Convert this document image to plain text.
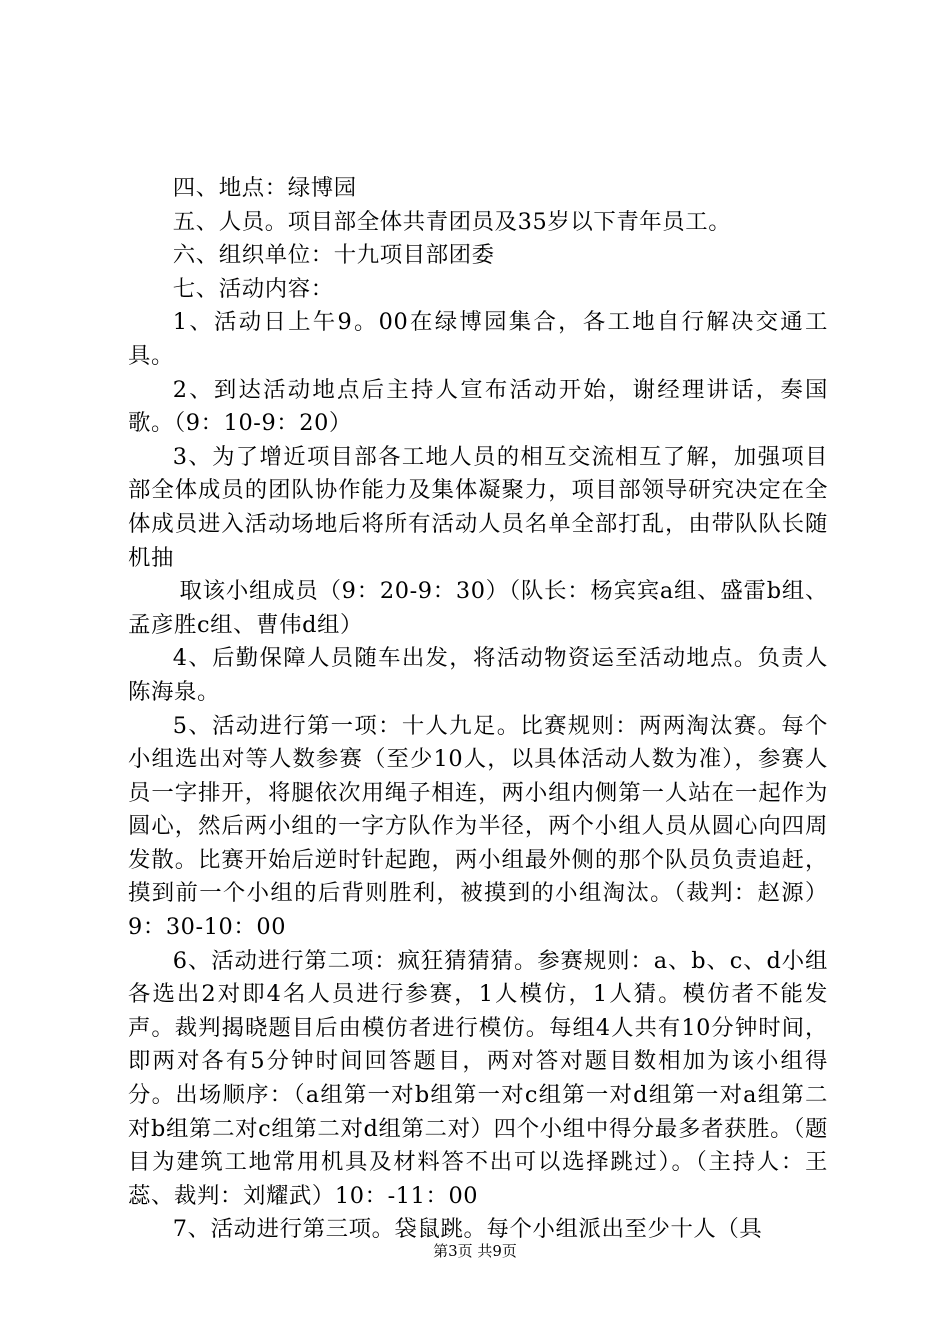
四、地点：绿博园

五、人员。项目部全体共青团员及35岁以下青年员工。

六、组织单位：十九项目部团委

七、活动内容：

1、活动日上午9。00在绿博园集合，各工地自行解决交通工具。

2、到达活动地点后主持人宣布活动开始，谢经理讲话，奏国歌。（9：10-9：20）

3、为了增近项目部各工地人员的相互交流相互了解，加强项目部全体成员的团队协作能力及集体凝聚力，项目部领导研究决定在全体成员进入活动场地后将所有活动人员名单全部打乱，由带队队长随机抽

取该小组成员（9：20-9：30）（队长：杨宾宾a组、盛雷b组、孟彦胜c组、曹伟d组）

4、后勤保障人员随车出发，将活动物资运至活动地点。负责人陈海泉。

5、活动进行第一项：十人九足。比赛规则：两两淘汰赛。每个小组选出对等人数参赛（至少10人，以具体活动人数为准），参赛人员一字排开，将腿依次用绳子相连，两小组内侧第一人站在一起作为圆心，然后两小组的一字方队作为半径，两个小组人员从圆心向四周发散。比赛开始后逆时针起跑，两小组最外侧的那个队员负责追赶，摸到前一个小组的后背则胜利，被摸到的小组淘汰。（裁判：赵源）9：30-10：00

6、活动进行第二项：疯狂猜猜猜。参赛规则：a、b、c、d小组各选出2对即4名人员进行参赛，1人模仿，1人猜。模仿者不能发声。裁判揭晓题目后由模仿者进行模仿。每组4人共有10分钟时间，即两对各有5分钟时间回答题目，两对答对题目数相加为该小组得分。出场顺序：（a组第一对b组第一对c组第一对d组第一对a组第二对b组第二对c组第二对d组第二对）四个小组中得分最多者获胜。（题目为建筑工地常用机具及材料答不出可以选择跳过）。（主持人：王蕊、裁判：刘耀武）10：-11：00

7、活动进行第三项。袋鼠跳。每个小组派出至少十人（具

第3页 共9页
